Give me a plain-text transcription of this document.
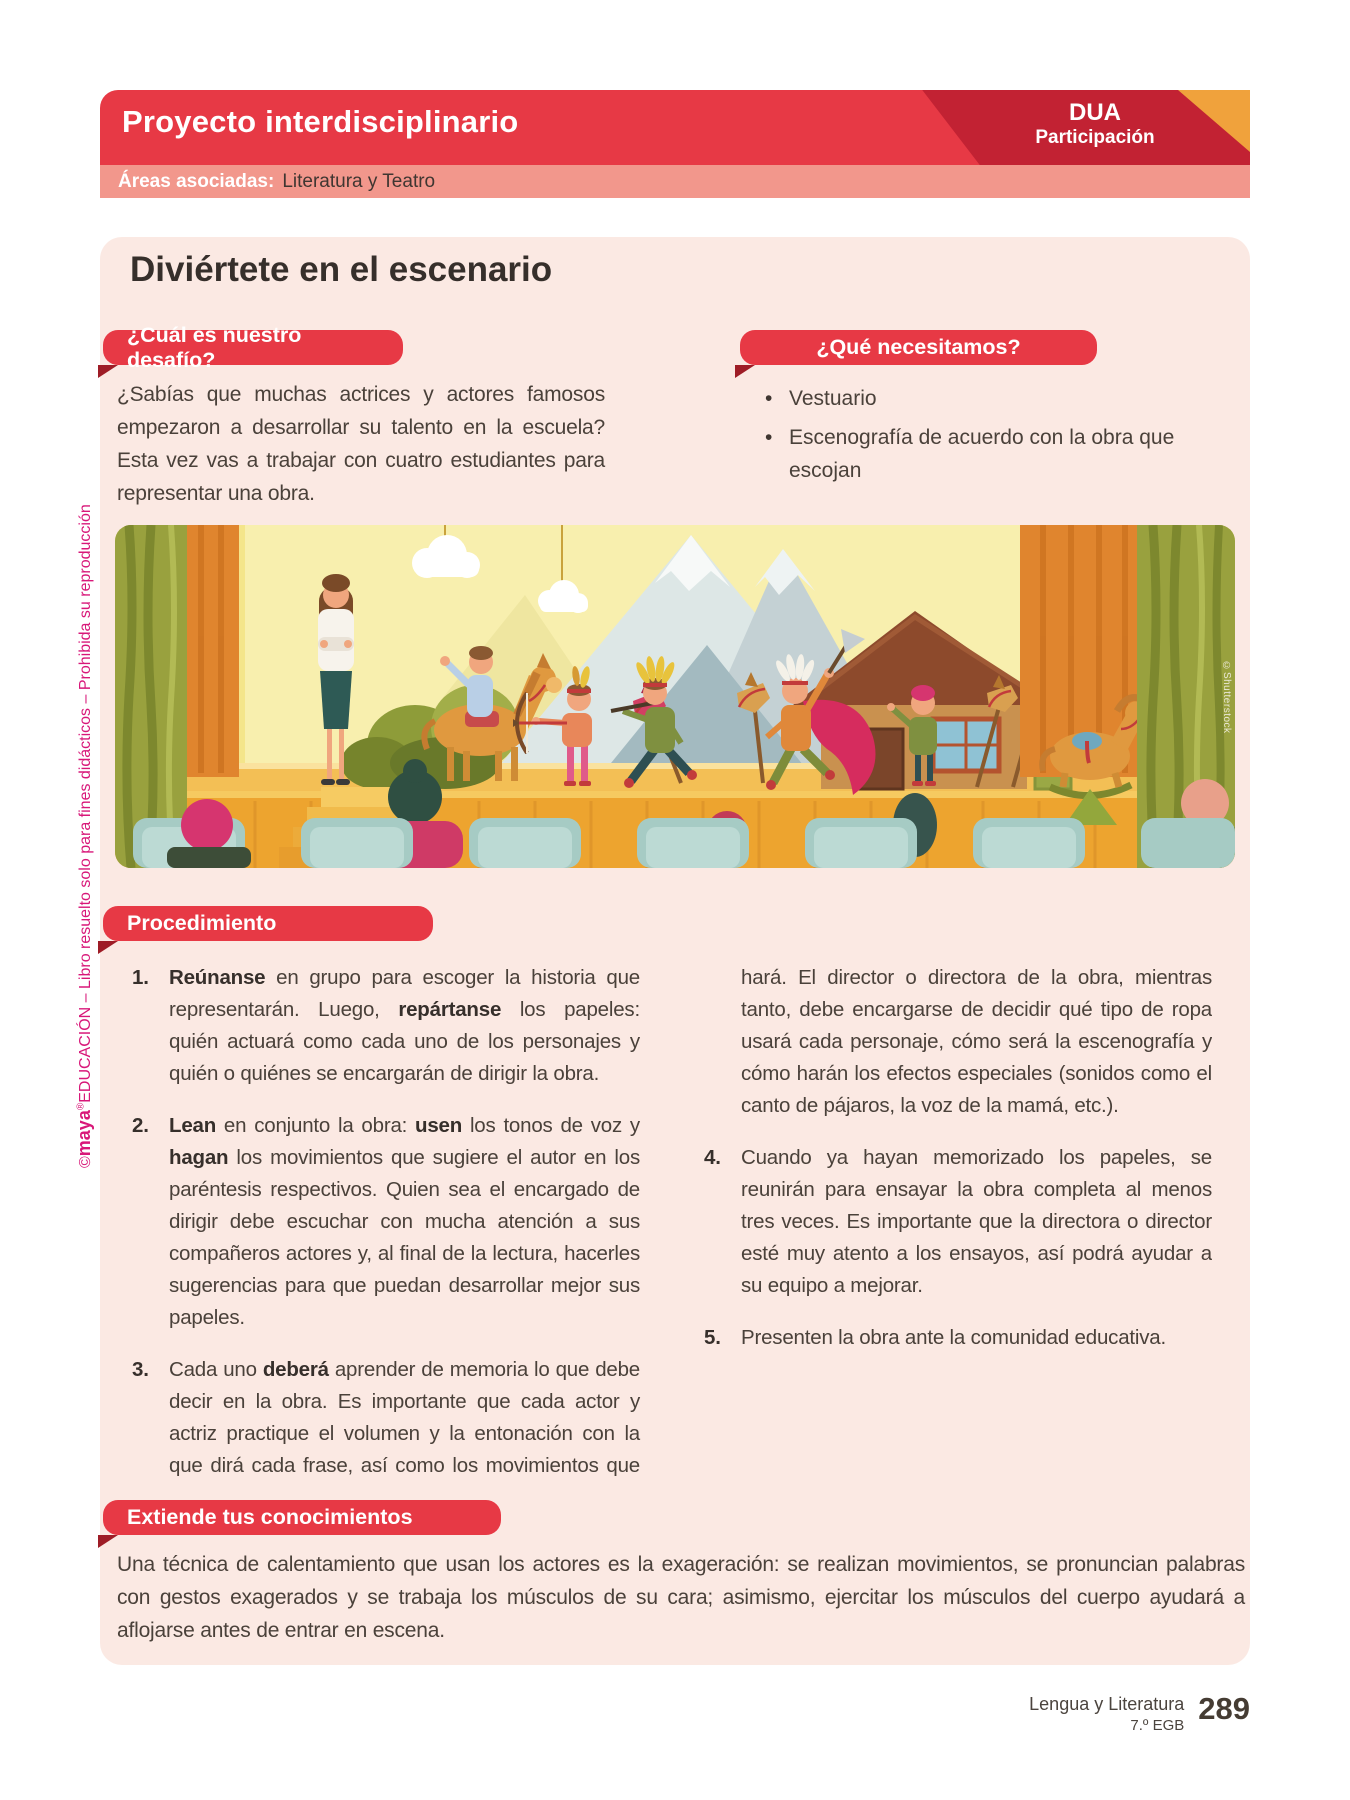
Proyecto interdisciplinario	DUA
Participación
Áreas asociadas: Literatura y Teatro
©maya®EDUCACIÓN – Libro resuelto solo para fines didácticos – Prohibida su reproducción
Diviértete en el escenario
¿Cuál es nuestro desafío?
¿Sabías que muchas actrices y actores famosos empezaron a desarrollar su talento en la escuela? Esta vez vas a trabajar con cuatro estudiantes para representar una obra.
¿Qué necesitamos?
• Vestuario
• Escenografía de acuerdo con la obra que escojan
©Shutterstock
Procedimiento
1. Reúnanse en grupo para escoger la historia que representarán. Luego, repártanse los papeles: quién actuará como cada uno de los personajes y quién o quiénes se encargarán de dirigir la obra.
2. Lean en conjunto la obra: usen los tonos de voz y hagan los movimientos que sugiere el autor en los paréntesis respectivos. Quien sea el encargado de dirigir debe escuchar con mucha atención a sus compañeros actores y, al final de la lectura, hacerles sugerencias para que puedan desarrollar mejor sus papeles.
3. Cada uno deberá aprender de memoria lo que debe decir en la obra. Es importante que cada actor y actriz practique el volumen y la entonación con la que dirá cada frase, así como los movimientos que hará. El director o directora de la obra, mientras tanto, debe encargarse de decidir qué tipo de ropa usará cada personaje, cómo será la escenografía y cómo harán los efectos especiales (sonidos como el canto de pájaros, la voz de la mamá, etc.).
4. Cuando ya hayan memorizado los papeles, se reunirán para ensayar la obra completa al menos tres veces. Es importante que la directora o director esté muy atento a los ensayos, así podrá ayudar a su equipo a mejorar.
5. Presenten la obra ante la comunidad educativa.
Extiende tus conocimientos
Una técnica de calentamiento que usan los actores es la exageración: se realizan movimientos, se pronuncian palabras con gestos exagerados y se trabaja los músculos de su cara; asimismo, ejercitar los músculos del cuerpo ayudará a aflojarse antes de entrar en escena.
Lengua y Literatura
7.º EGB 289
